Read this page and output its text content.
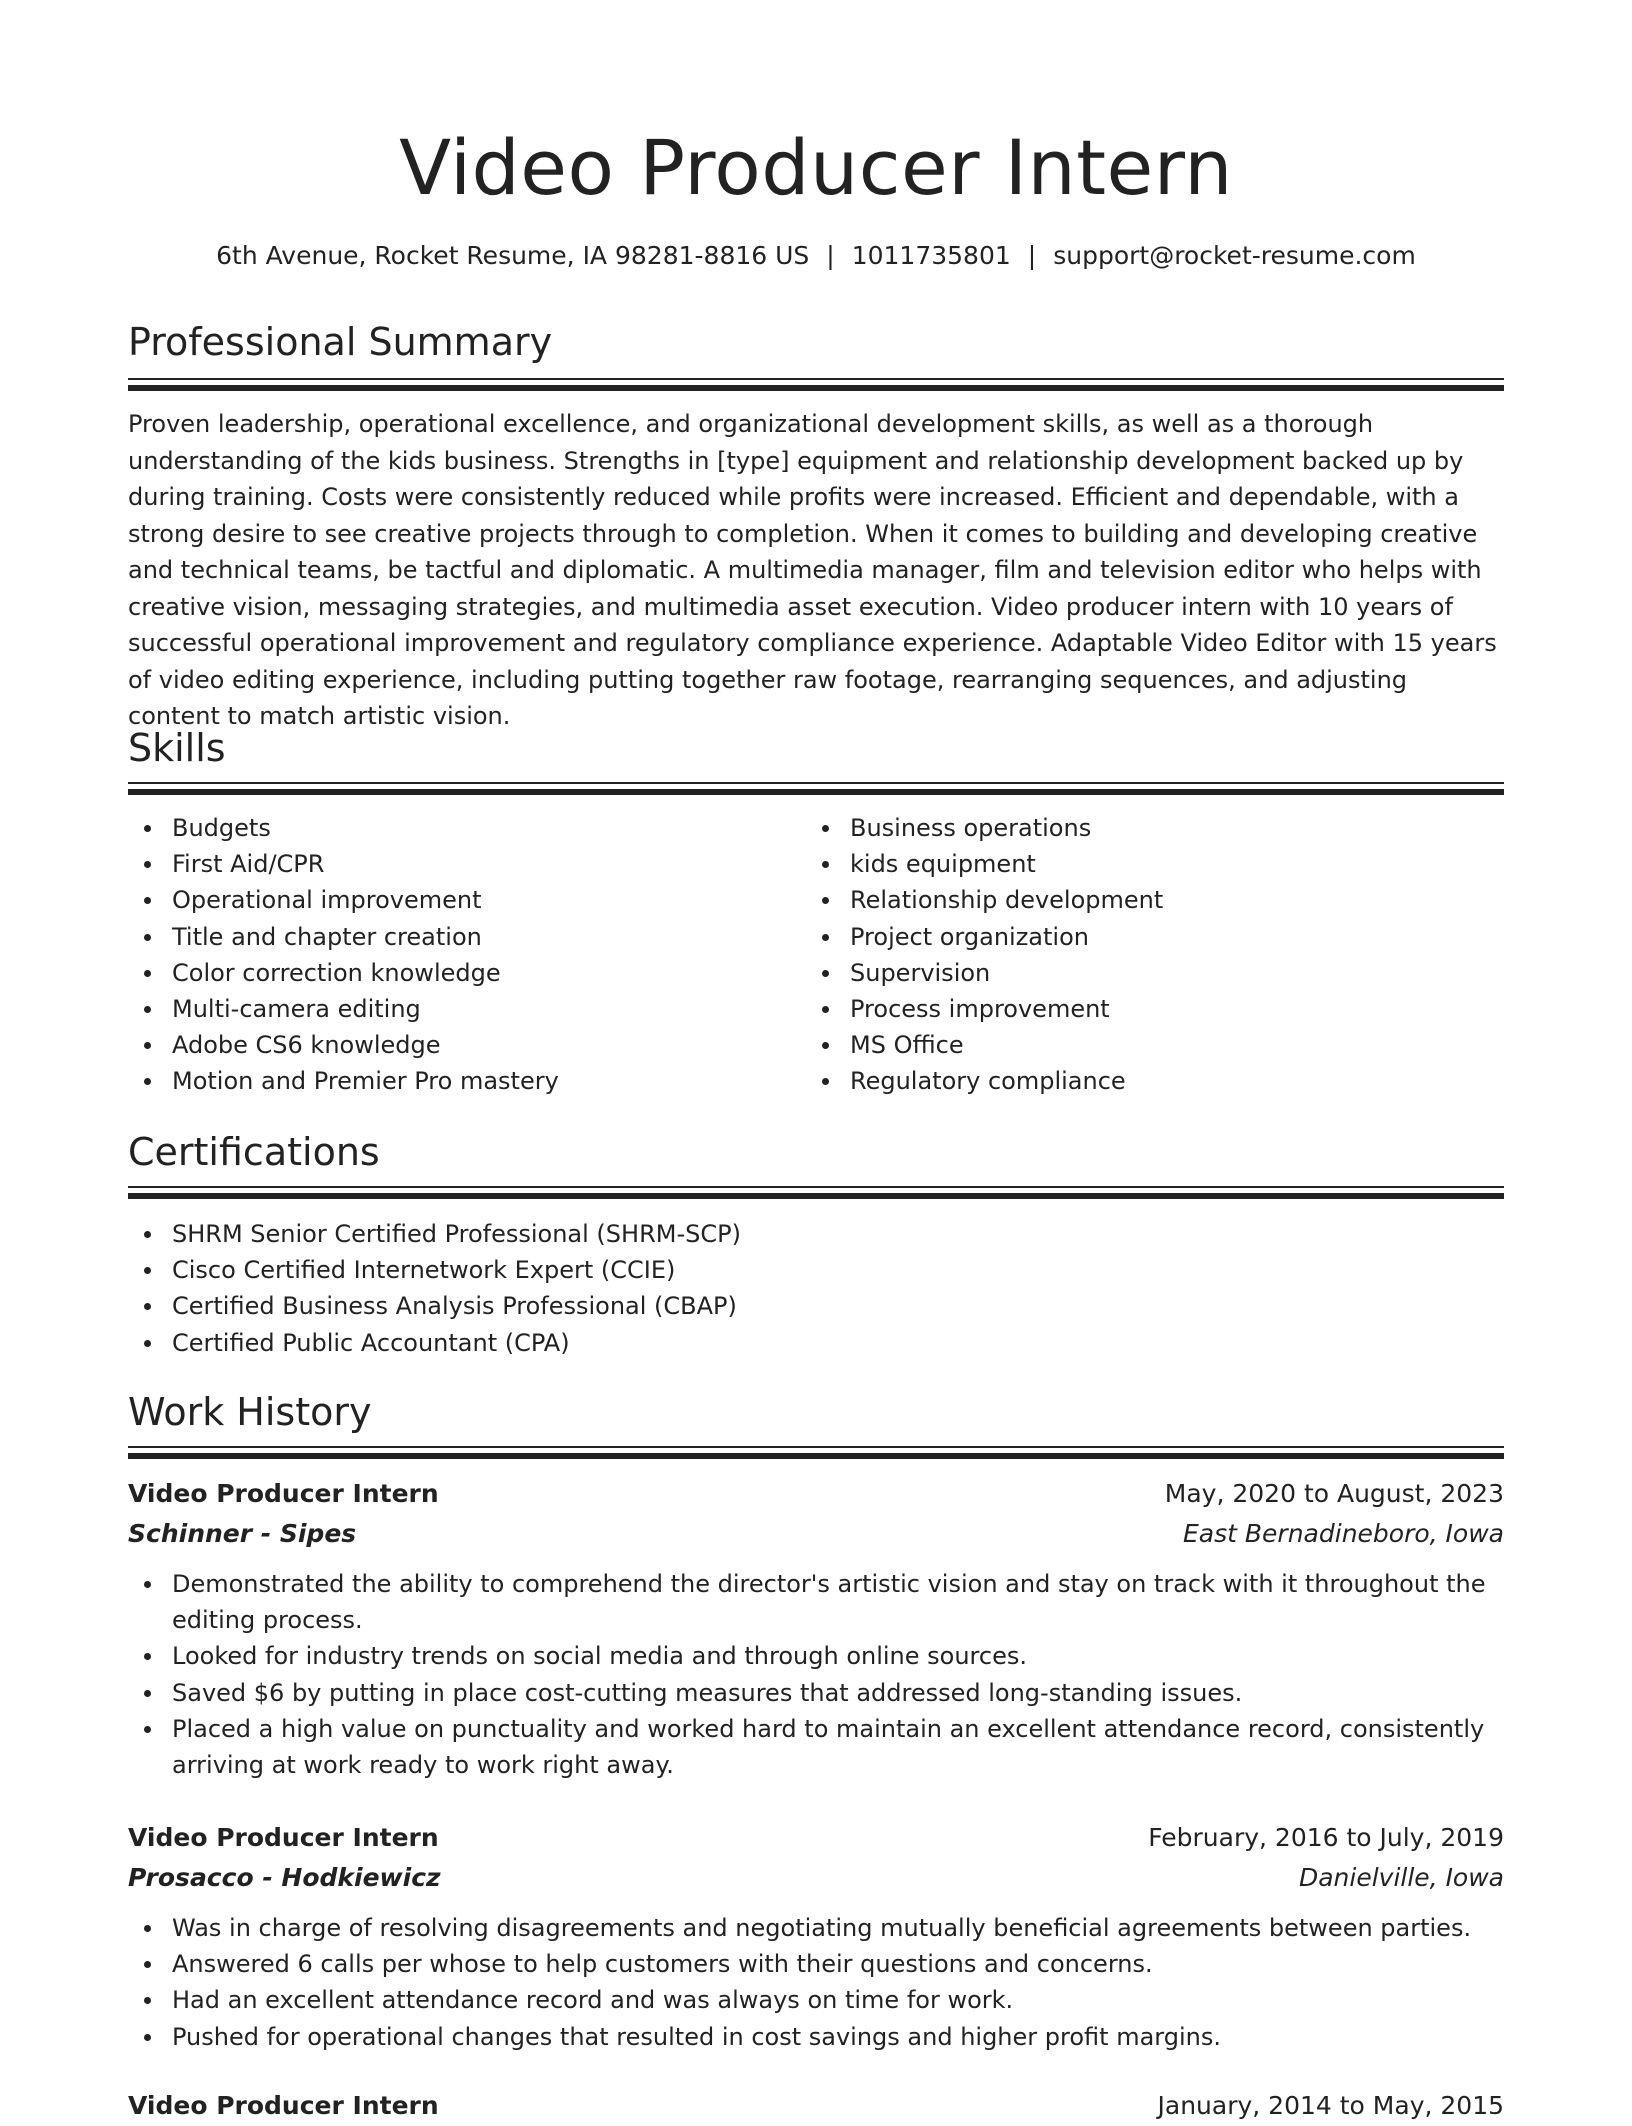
Video Producer Intern
6th Avenue, Rocket Resume, IA 98281-8816 US | 1011735801 | support@rocket-resume.com
Professional Summary

Proven leadership, operational excellence, and organizational development skills, as well as a thorough understanding of the kids business. Strengths in [type] equipment and relationship development backed up by during training. Costs were consistently reduced while profits were increased. Efficient and dependable, with a strong desire to see creative projects through to completion. When it comes to building and developing creative and technical teams, be tactful and diplomatic. A multimedia manager, film and television editor who helps with creative vision, messaging strategies, and multimedia asset execution. Video producer intern with 10 years of successful operational improvement and regulatory compliance experience. Adaptable Video Editor with 15 years of video editing experience, including putting together raw footage, rearranging sequences, and adjusting content to match artistic vision.

Skills
Budgets
First Aid/CPR
Operational improvement
Title and chapter creation
Color correction knowledge
Multi-camera editing
Adobe CS6 knowledge
Motion and Premier Pro mastery
Business operations
kids equipment
Relationship development
Project organization
Supervision
Process improvement
MS Office
Regulatory compliance
Certifications
SHRM Senior Certified Professional (SHRM-SCP)
Cisco Certified Internetwork Expert (CCIE)
Certified Business Analysis Professional (CBAP)
Certified Public Accountant (CPA)
Work History
Video Producer Intern	May, 2020 to August, 2023
Schinner - Sipes	East Bernadineboro, Iowa
Demonstrated the ability to comprehend the director's artistic vision and stay on track with it throughout the editing process.
Looked for industry trends on social media and through online sources.
Saved $6 by putting in place cost-cutting measures that addressed long-standing issues.
Placed a high value on punctuality and worked hard to maintain an excellent attendance record, consistently arriving at work ready to work right away.
Video Producer Intern	February, 2016 to July, 2019
Prosacco - Hodkiewicz	Danielville, Iowa
Was in charge of resolving disagreements and negotiating mutually beneficial agreements between parties.
Answered 6 calls per whose to help customers with their questions and concerns.
Had an excellent attendance record and was always on time for work.
Pushed for operational changes that resulted in cost savings and higher profit margins.
Video Producer Intern	January, 2014 to May, 2015
